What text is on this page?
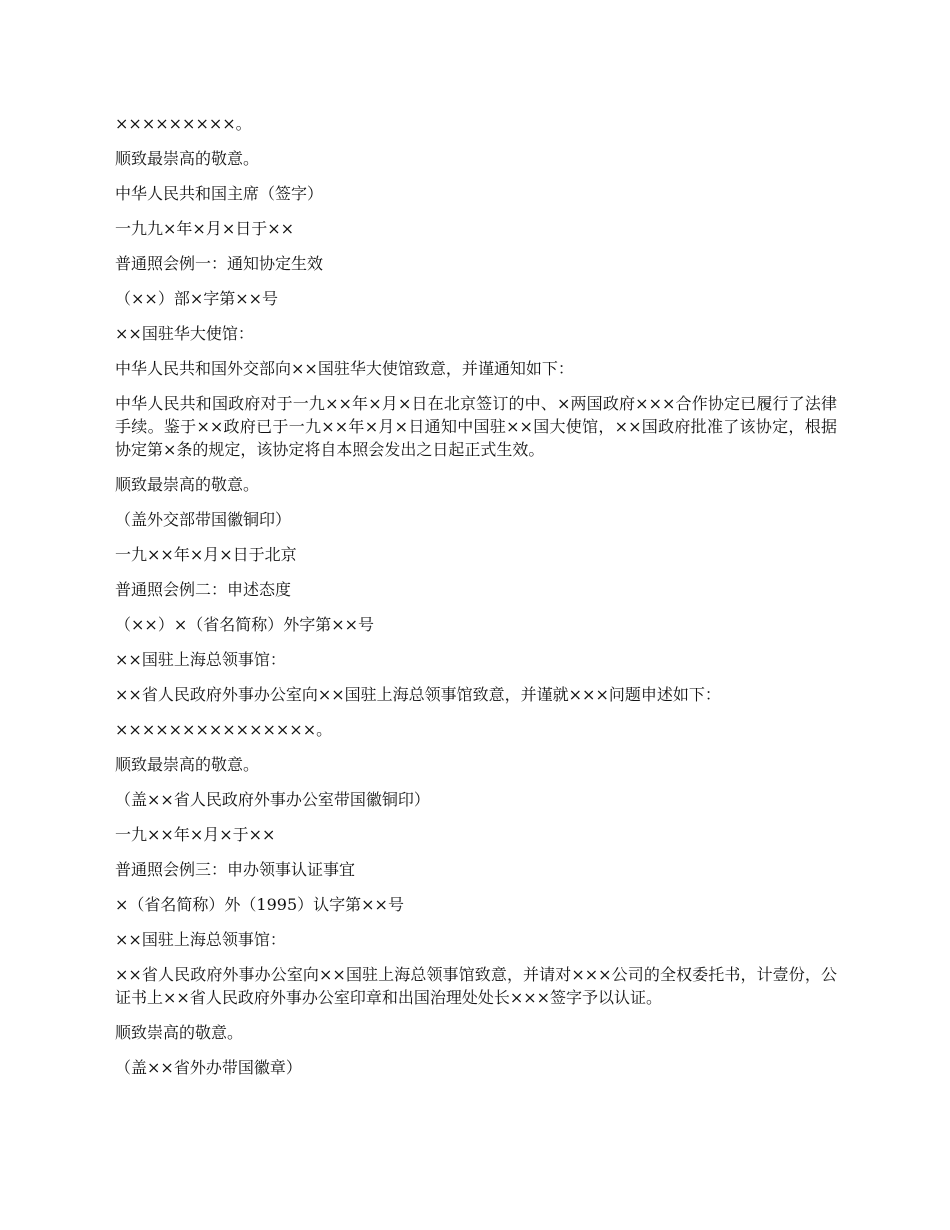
×××××××××。

顺致最崇高的敬意。

中华人民共和国主席（签字）

一九九×年×月×日于××

普通照会例一：通知协定生效

（××）部×字第××号

××国驻华大使馆：

中华人民共和国外交部向××国驻华大使馆致意，并谨通知如下：

中华人民共和国政府对于一九××年×月×日在北京签订的中、×两国政府×××合作协定已履行了法律手续。鉴于××政府已于一九××年×月×日通知中国驻××国大使馆，××国政府批准了该协定，根据协定第×条的规定，该协定将自本照会发出之日起正式生效。

顺致最崇高的敬意。

（盖外交部带国徽铜印）

一九××年×月×日于北京

普通照会例二：申述态度

（××）×（省名简称）外字第××号

××国驻上海总领事馆：

××省人民政府外事办公室向××国驻上海总领事馆致意，并谨就×××问题申述如下：

×××××××××××××××。

顺致最崇高的敬意。

（盖××省人民政府外事办公室带国徽铜印）

一九××年×月×于××

普通照会例三：申办领事认证事宜

×（省名简称）外（1995）认字第××号

××国驻上海总领事馆：

××省人民政府外事办公室向××国驻上海总领事馆致意，并请对×××公司的全权委托书，计壹份，公证书上××省人民政府外事办公室印章和出国治理处处长×××签字予以认证。

顺致崇高的敬意。

（盖××省外办带国徽章）
